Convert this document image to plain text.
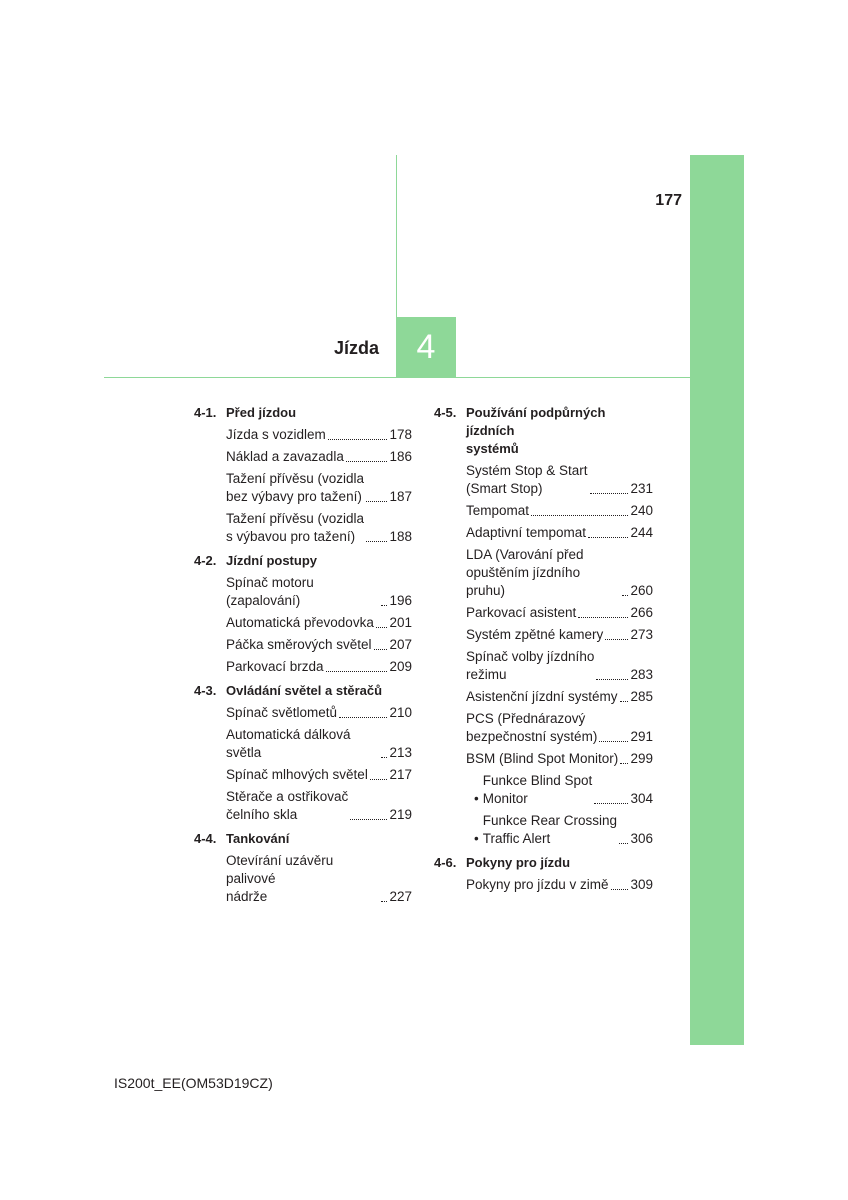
177
Jízda	4
4-1. Před jízdou
Jízda s vozidlem	178
Náklad a zavazadla	186
Tažení přívěsu (vozidla
bez výbavy pro tažení) 187
Tažení přívěsu (vozidla
s výbavou pro tažení)	188
4-2. Jízdní postupy
Spínač motoru (zapalování)	196
Automatická převodovka 201
Páčka směrových světel 207
Parkovací brzda	209
4-3. Ovládání světel a stěračů
Spínač světlometů	210
Automatická dálková světla	213
Spínač mlhových světel 217
Stěrače a ostřikovač
čelního skla	219
4-4. Tankování
Otevírání uzávěru palivové
nádrže	227
4-5. Používání podpůrných jízdních
systémů
Systém Stop & Start
(Smart Stop)	231
Tempomat	240
Adaptivní tempomat	244
LDA (Varování před
opuštěním jízdního pruhu)	260
Parkovací asistent	266
Systém zpětné kamery 273
Spínač volby jízdního
režimu	283
Asistenční jízdní systémy 285
PCS (Přednárazový
bezpečnostní systém) 291
BSM (Blind Spot Monitor) 299
•
Funkce Blind Spot
Monitor	304
•
Funkce Rear Crossing
Traffic Alert	306
4-6. Pokyny pro jízdu
Pokyny pro jízdu v zimě 309
IS200t_EE(OM53D19CZ)
